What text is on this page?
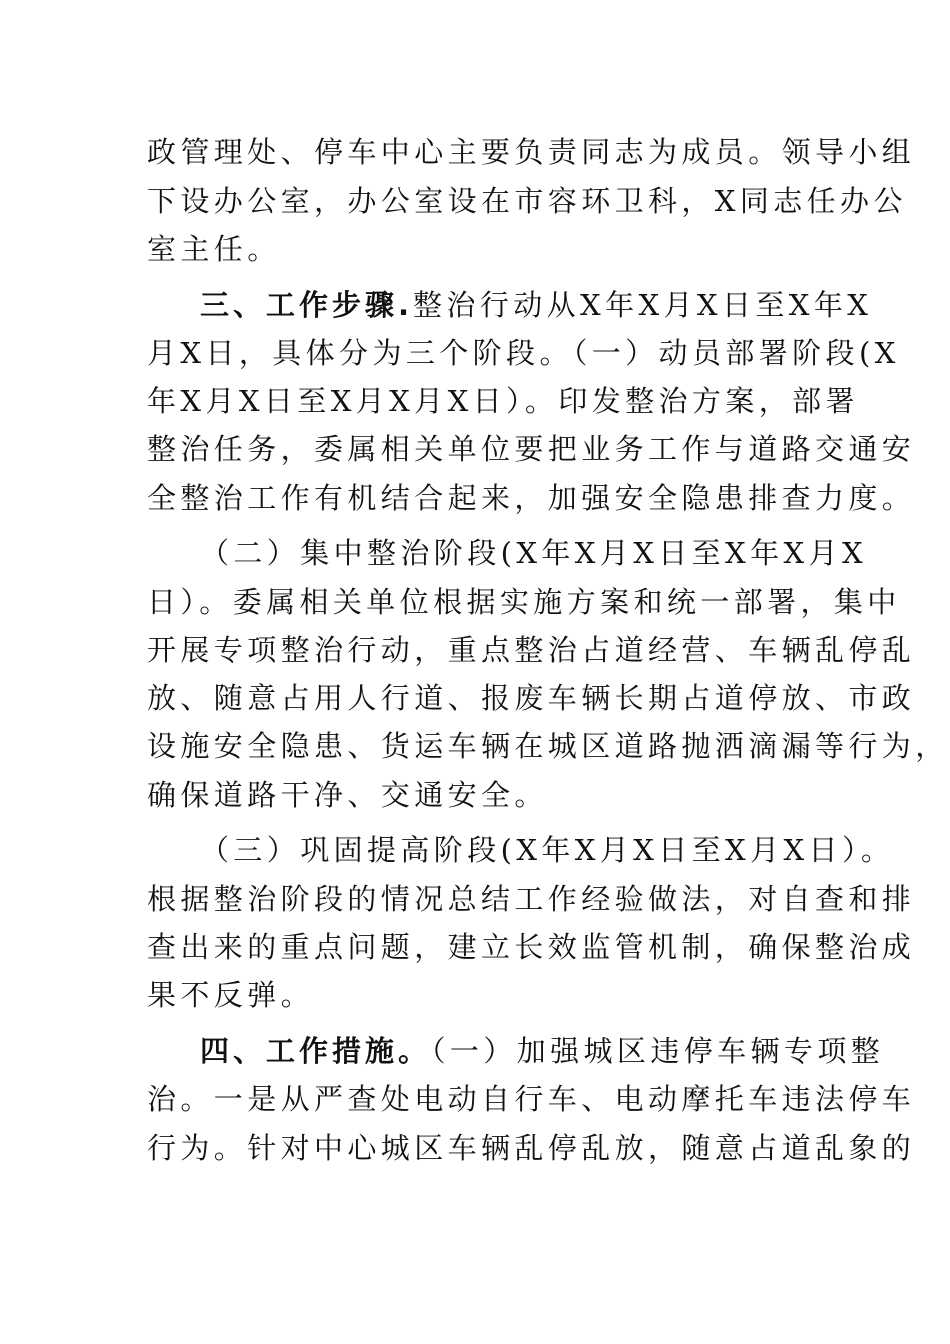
政管理处、停车中心主要负责同志为成员。领导小组
下设办公室，办公室设在市容环卫科，X同志任办公
室主任。
三、工作步骤.整治行动从X年X月X日至X年X
月X日，具体分为三个阶段。（一）动员部署阶段(X
年X月X日至X月X月X日）。印发整治方案，部署
整治任务，委属相关单位要把业务工作与道路交通安
全整治工作有机结合起来，加强安全隐患排查力度。
（二）集中整治阶段(X年X月X日至X年X月X
日）。委属相关单位根据实施方案和统一部署，集中
开展专项整治行动，重点整治占道经营、车辆乱停乱
放、随意占用人行道、报废车辆长期占道停放、市政
设施安全隐患、货运车辆在城区道路抛洒滴漏等行为，
确保道路干净、交通安全。
（三）巩固提高阶段(X年X月X日至X月X日）。
根据整治阶段的情况总结工作经验做法，对自查和排
查出来的重点问题，建立长效监管机制，确保整治成
果不反弹。
四、工作措施。（一）加强城区违停车辆专项整
治。一是从严查处电动自行车、电动摩托车违法停车
行为。针对中心城区车辆乱停乱放，随意占道乱象的
